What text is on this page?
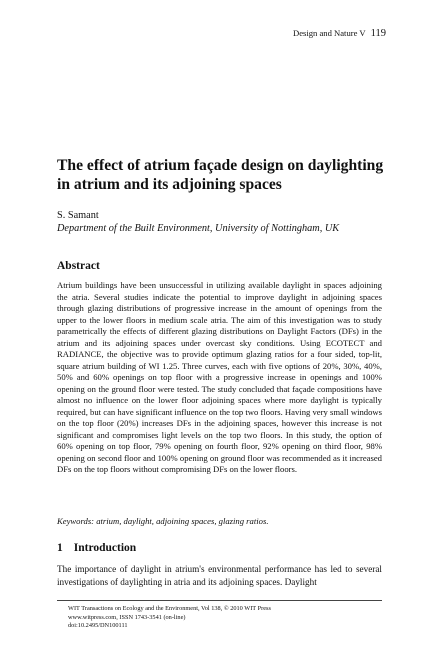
Design and Nature V 119
The effect of atrium façade design on daylighting in atrium and its adjoining spaces
S. Samant
Department of the Built Environment, University of Nottingham, UK
Abstract

Atrium buildings have been unsuccessful in utilizing available daylight in spaces adjoining the atria. Several studies indicate the potential to improve daylight in adjoining spaces through glazing distributions of progressive increase in the amount of openings from the upper to the lower floors in medium scale atria. The aim of this investigation was to study parametrically the effects of different glazing distributions on Daylight Factors (DFs) in the atrium and its adjoining spaces under overcast sky conditions. Using ECOTECT and RADIANCE, the objective was to provide optimum glazing ratios for a four sided, top-lit, square atrium building of WI 1.25. Three curves, each with five options of 20%, 30%, 40%, 50% and 60% openings on top floor with a progressive increase in openings and 100% opening on the ground floor were tested. The study concluded that façade compositions have almost no influence on the lower floor adjoining spaces where more daylight is typically required, but can have significant influence on the top two floors. Having very small windows on the top floor (20%) increases DFs in the adjoining spaces, however this increase is not significant and compromises light levels on the top two floors. In this study, the option of 60% opening on top floor, 79% opening on fourth floor, 92% opening on third floor, 98% opening on second floor and 100% opening on ground floor was recommended as it increased DFs on the top floors without compromising DFs on the lower floors.

Keywords: atrium, daylight, adjoining spaces, glazing ratios.
1 Introduction

The importance of daylight in atrium's environmental performance has led to several investigations of daylighting in atria and its adjoining spaces. Daylight

WIT Transactions on Ecology and the Environment, Vol 138, © 2010 WIT Press
www.witpress.com, ISSN 1743-3541 (on-line)
doi:10.2495/DN100111
